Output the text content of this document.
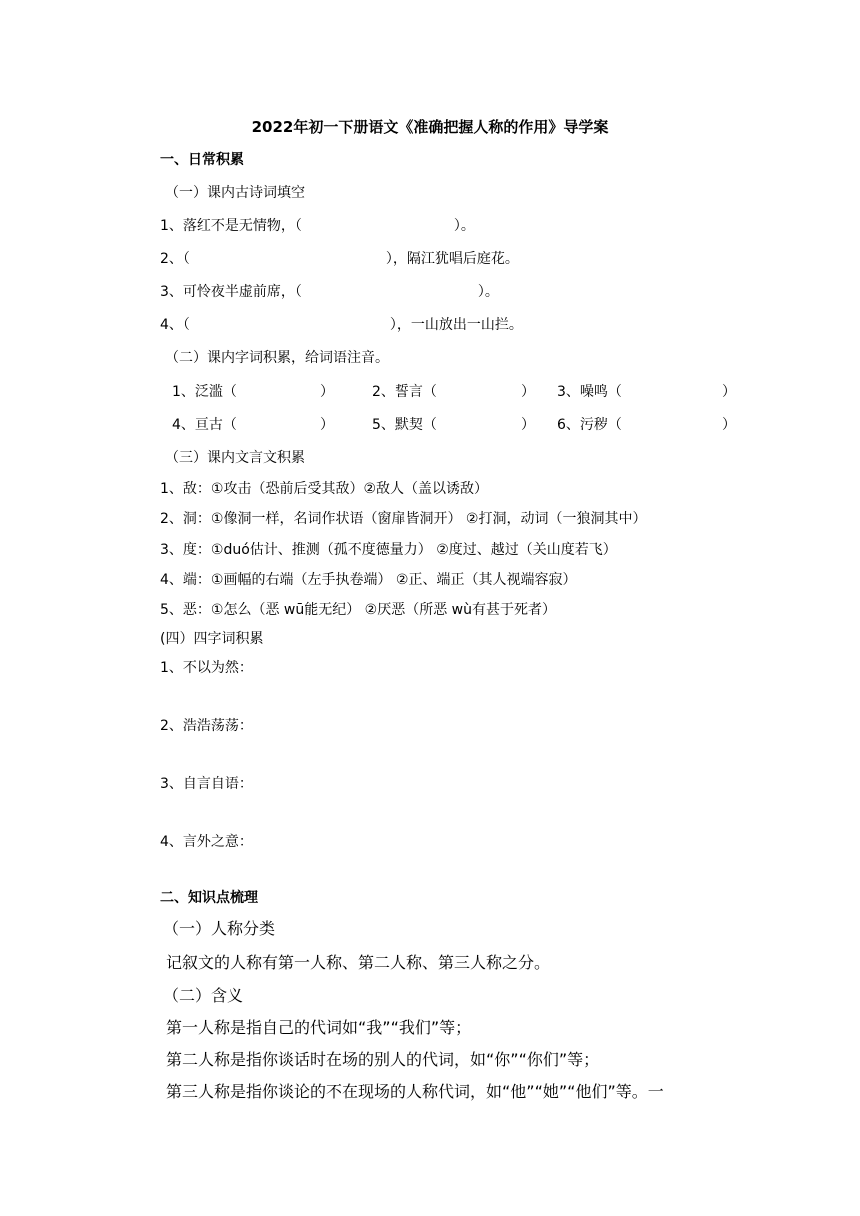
2022年初一下册语文《准确把握人称的作用》导学案
一、日常积累
（一）课内古诗词填空
1、落红不是无情物，（	）。
2、（	），隔江犹唱后庭花。
3、可怜夜半虚前席，（	）。
4、（	），一山放出一山拦。
（二）课内字词积累，给词语注音。
1、泛滥（	）	2、誓言（	） 3、噪鸣（	）
4、亘古（	）	5、默契（	） 6、污秽（	）
（三）课内文言文积累
1、敌：①攻击（恐前后受其敌）②敌人（盖以诱敌）
2、洞：①像洞一样，名词作状语（窗扉皆洞开） ②打洞，动词（一狼洞其中）
3、度：①duó估计、推测（孤不度德量力） ②度过、越过（关山度若飞）
4、端：①画幅的右端（左手执卷端） ②正、端正（其人视端容寂）
5、恶：①怎么（恶 wū能无纪） ②厌恶（所恶 wù有甚于死者）
(四）四字词积累
1、不以为然：
2、浩浩荡荡：
3、自言自语：
4、言外之意：
二、知识点梳理
（一）人称分类
记叙文的人称有第一人称、第二人称、第三人称之分。
（二）含义
第一人称是指自己的代词如“我”“我们”等；
第二人称是指你谈话时在场的别人的代词，如“你”“你们”等；
第三人称是指你谈论的不在现场的人称代词，如“他”“她”“他们”等。一
